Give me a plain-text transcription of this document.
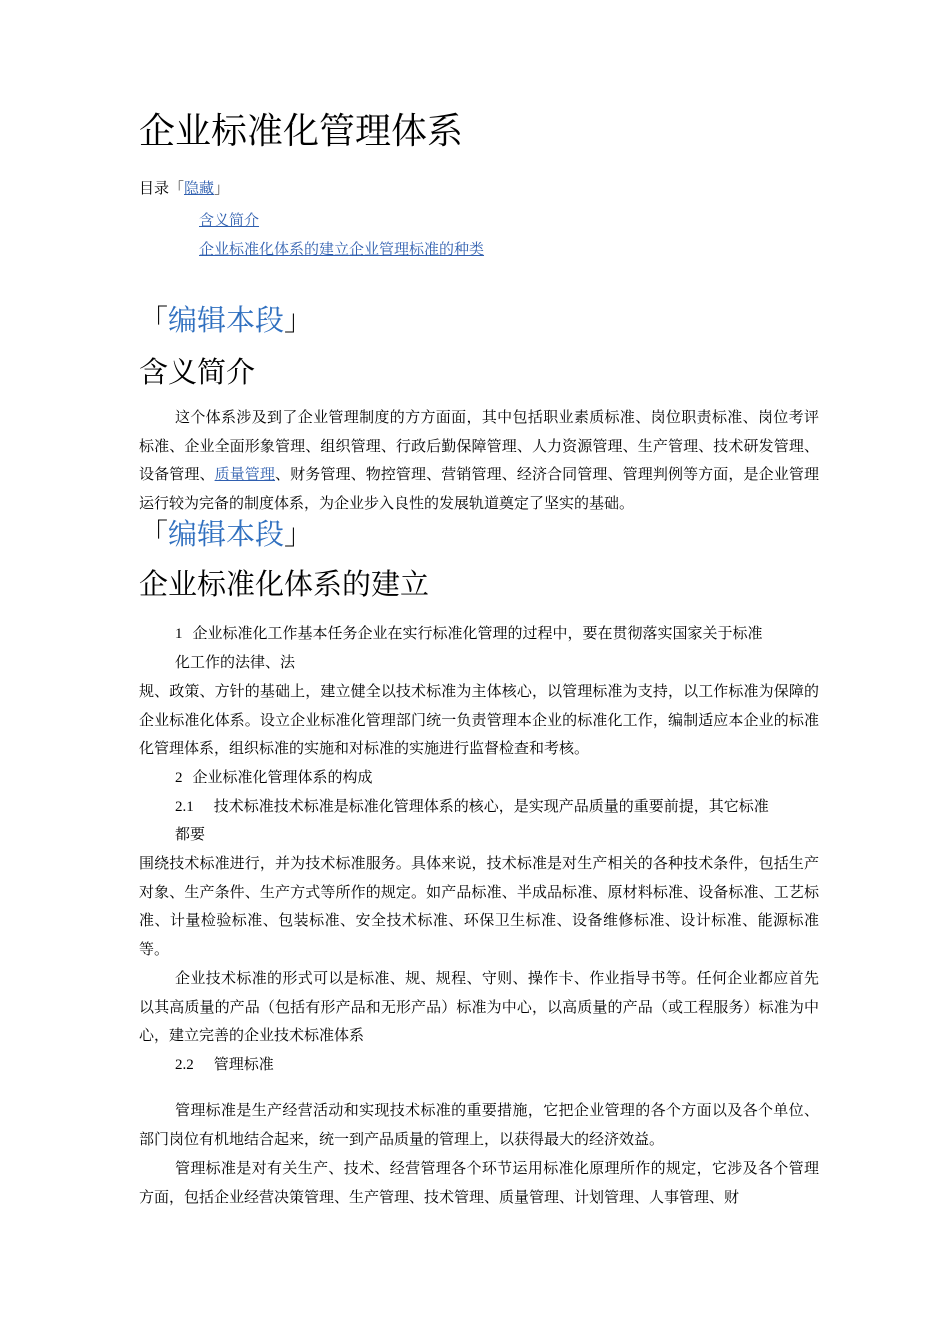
企业标准化管理体系
目录「隐藏」
含义简介
企业标准化体系的建立企业管理标准的种类
「编辑本段」
含义简介
这个体系涉及到了企业管理制度的方方面面，其中包括职业素质标准、岗位职责标准、岗位考评标准、企业全面形象管理、组织管理、行政后勤保障管理、人力资源管理、生产管理、技术研发管理、设备管理、质量管理、财务管理、物控管理、营销管理、经济合同管理、管理判例等方面，是企业管理运行较为完备的制度体系，为企业步入良性的发展轨道奠定了坚实的基础。
「编辑本段」
企业标准化体系的建立
1 企业标准化工作基本任务企业在实行标准化管理的过程中，要在贯彻落实国家关于标准
化工作的法律、法
规、政策、方针的基础上，建立健全以技术标准为主体核心，以管理标准为支持，以工作标准为保障的企业标准化体系。设立企业标准化管理部门统一负责管理本企业的标准化工作，编制适应本企业的标准化管理体系，组织标准的实施和对标准的实施进行监督检查和考核。
2 企业标准化管理体系的构成
2.1 技术标准技术标准是标准化管理体系的核心，是实现产品质量的重要前提，其它标准
都要
围绕技术标准进行，并为技术标准服务。具体来说，技术标准是对生产相关的各种技术条件，包括生产对象、生产条件、生产方式等所作的规定。如产品标准、半成品标准、原材料标准、设备标准、工艺标准、计量检验标准、包装标准、安全技术标准、环保卫生标准、设备维修标准、设计标准、能源标准等。
企业技术标准的形式可以是标准、规、规程、守则、操作卡、作业指导书等。任何企业都应首先以其高质量的产品（包括有形产品和无形产品）标准为中心，以高质量的产品（或工程服务）标准为中心，建立完善的企业技术标准体系
2.2 管理标准
管理标准是生产经营活动和实现技术标准的重要措施，它把企业管理的各个方面以及各个单位、部门岗位有机地结合起来，统一到产品质量的管理上，以获得最大的经济效益。
管理标准是对有关生产、技术、经营管理各个环节运用标准化原理所作的规定，它涉及各个管理方面，包括企业经营决策管理、生产管理、技术管理、质量管理、计划管理、人事管理、财
